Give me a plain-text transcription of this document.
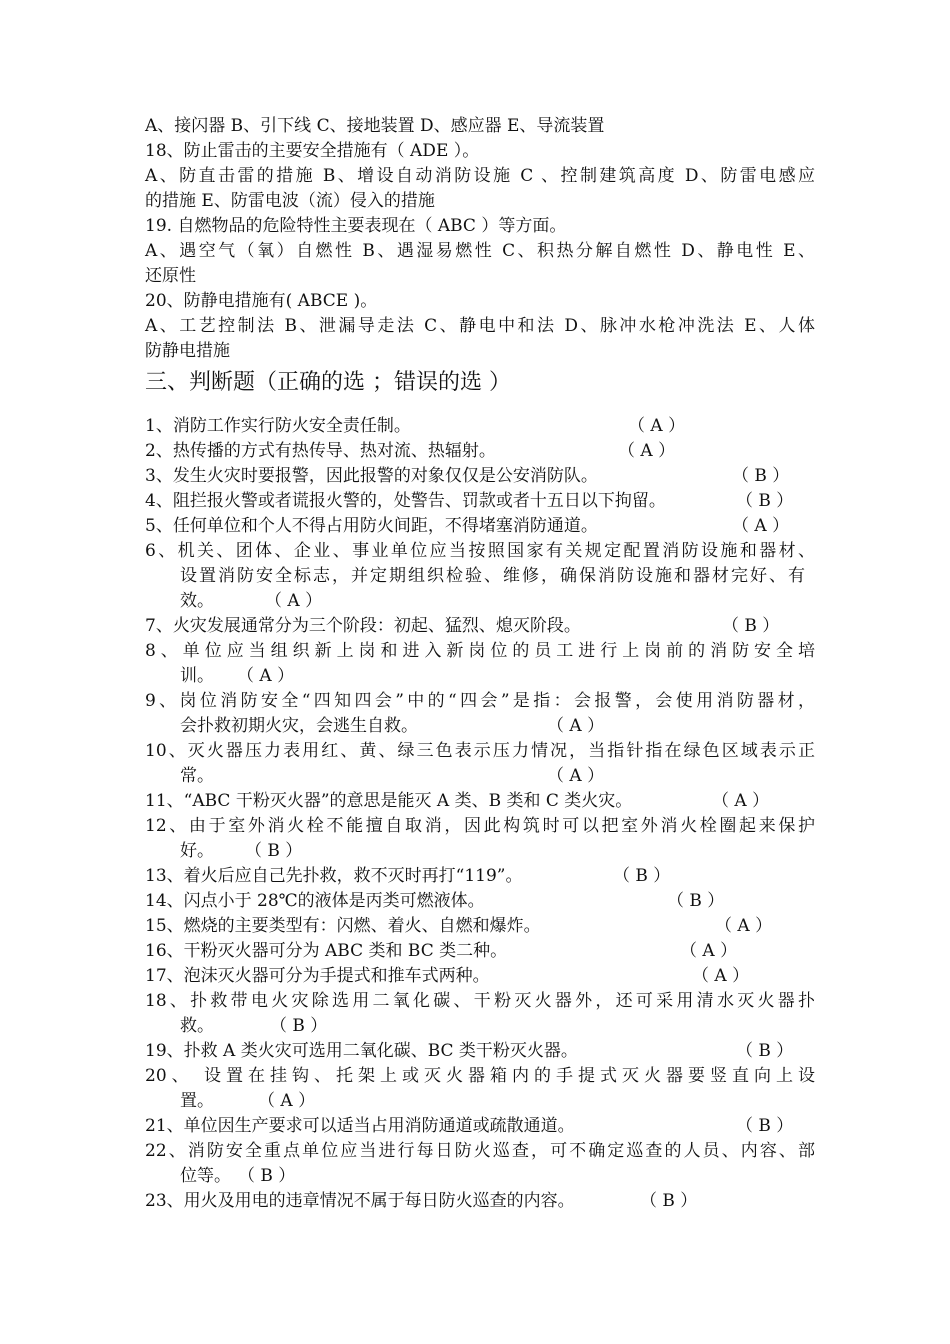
A、接闪器 B、引下线 C、接地装置 D、感应器 E、导流装置
18、防止雷击的主要安全措施有（ ADE ）。
A、防直击雷的措施 B、增设自动消防设施 C 、控制建筑高度 D、防雷电感应
的措施 E、防雷电波（流）侵入的措施
19. 自燃物品的危险特性主要表现在（ ABC ）等方面。
A、遇空气（氧）自燃性 B、遇湿易燃性 C、积热分解自燃性 D、静电性 E、
还原性
20、防静电措施有( ABCE )。
A、工艺控制法 B、泄漏导走法 C、静电中和法 D、脉冲水枪冲洗法 E、人体
防静电措施
三、判断题（正确的选 ；错误的选 ）
1、消防工作实行防火安全责任制。	（ A ）
2、热传播的方式有热传导、热对流、热辐射。	（ A ）
3、发生火灾时要报警，因此报警的对象仅仅是公安消防队。	（ B ）
4、阻拦报火警或者谎报火警的，处警告、罚款或者十五日以下拘留。	（ B ）
5、任何单位和个人不得占用防火间距，不得堵塞消防通道。	（ A ）
6、机关、团体、企业、事业单位应当按照国家有关规定配置消防设施和器材、
设置消防安全标志，并定期组织检验、维修，确保消防设施和器材完好、有
效。	（ A ）
7、火灾发展通常分为三个阶段：初起、猛烈、熄灭阶段。	（ B ）
8、单位应当组织新上岗和进入新岗位的员工进行上岗前的消防安全培
训。	（ A ）
9、岗位消防安全“四知四会”中的“四会”是指：会报警，会使用消防器材，
会扑救初期火灾，会逃生自救。	（ A ）
10、灭火器压力表用红、黄、绿三色表示压力情况，当指针指在绿色区域表示正
常。	（ A ）
11、“ABC 干粉灭火器”的意思是能灭 A 类、B 类和 C 类火灾。	（ A ）
12、由于室外消火栓不能擅自取消，因此构筑时可以把室外消火栓圈起来保护
好。	（ B ）
13、着火后应自己先扑救，救不灭时再打“119”。	（ B ）
14、闪点小于 28℃的液体是丙类可燃液体。	（ B ）
15、燃烧的主要类型有：闪燃、着火、自燃和爆炸。	（ A ）
16、干粉灭火器可分为 ABC 类和 BC 类二种。	（ A ）
17、泡沫灭火器可分为手提式和推车式两种。	（ A ）
18、扑救带电火灾除选用二氧化碳、干粉灭火器外，还可采用清水灭火器扑
救。	（ B ）
19、扑救 A 类火灾可选用二氧化碳、BC 类干粉灭火器。	（ B ）
20、 设置在挂钩、托架上或灭火器箱内的手提式灭火器要竖直向上设
置。	（ A ）
21、单位因生产要求可以适当占用消防通道或疏散通道。	（ B ）
22、消防安全重点单位应当进行每日防火巡查，可不确定巡查的人员、内容、部
位等。 （ B ）
23、用火及用电的违章情况不属于每日防火巡查的内容。	（ B ）
